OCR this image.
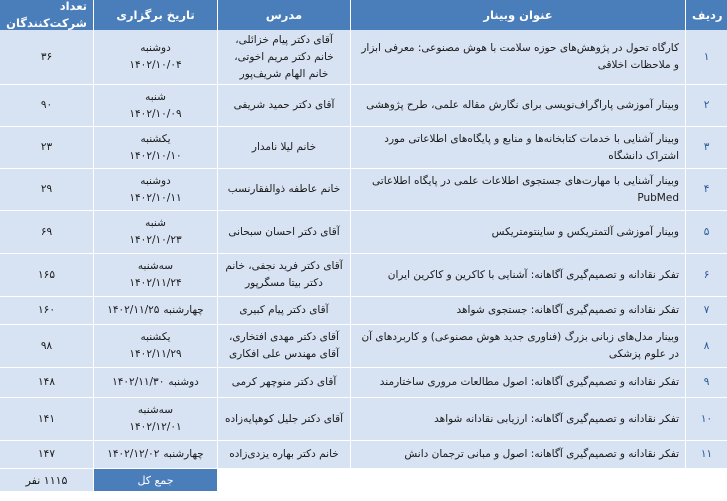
ردیف
عنوان وبینار
مدرس
تاریخ برگزاری
تعداد شرکت‌کنندگان
۱
کارگاه تحول در پژوهش‌های حوزه سلامت با هوش مصنوعی: معرفی ابزار و ملاحظات اخلاقی
آقای دکتر پیام خزائلی، خانم دکتر مریم اخوتی، خانم الهام شریف‌پور
دوشنبه
۱۴۰۲/۱۰/۰۴
۳۶
۲
وبینار آموزشی پاراگراف‌نویسی برای نگارش مقاله علمی، طرح پژوهشی
آقای دکتر حمید شریفی
شنبه
۱۴۰۲/۱۰/۰۹
۹۰
۳
وبینار آشنایی با خدمات کتابخانه‌ها و منابع و پایگاه‌های اطلاعاتی مورد اشتراک دانشگاه
خانم لیلا نامدار
یکشنبه
۱۴۰۲/۱۰/۱۰
۲۳
۴
وبینار آشنایی با مهارت‌های جستجوی اطلاعات علمی در پایگاه اطلاعاتی PubMed
خانم عاطفه ذوالفقارنسب
دوشنبه
۱۴۰۲/۱۰/۱۱
۲۹
۵
وبینار آموزشی آلتمتریکس و ساینتومتریکس
آقای دکتر احسان سبحانی
شنبه
۱۴۰۲/۱۰/۲۳
۶۹
۶
تفکر نقادانه و تصمیم‌گیری آگاهانه: آشنایی با کاکرین و کاکرین ایران
آقای دکتر فرید نجفی، خانم دکتر بیتا مسگرپور
سه‌شنبه
۱۴۰۲/۱۱/۲۴
۱۶۵
۷
تفکر نقادانه و تصمیم‌گیری آگاهانه: جستجوی شواهد
آقای دکتر پیام کبیری
چهارشنبه
۱۴۰۲/۱۱/۲۵
۱۶۰
۸
وبینار مدل‌های زبانی بزرگ (فناوری جدید هوش مصنوعی) و کاربردهای آن در علوم پزشکی
آقای دکتر مهدی افتخاری، آقای مهندس علی افکاری
یکشنبه
۱۴۰۲/۱۱/۲۹
۹۸
۹
تفکر نقادانه و تصمیم‌گیری آگاهانه: اصول مطالعات مروری ساختارمند
آقای دکتر منوچهر کرمی
دوشنبه
۱۴۰۲/۱۱/۳۰
۱۴۸
۱۰
تفکر نقادانه و تصمیم‌گیری آگاهانه: ارزیابی نقادانه شواهد
آقای دکتر جلیل کوهپایه‌زاده
سه‌شنبه
۱۴۰۲/۱۲/۰۱
۱۴۱
۱۱
تفکر نقادانه و تصمیم‌گیری آگاهانه: اصول و مبانی ترجمان دانش
خانم دکتر بهاره یزدی‌زاده
چهارشنبه
۱۴۰۲/۱۲/۰۲
۱۴۷
جمع کل
۱۱۱۵ نفر
